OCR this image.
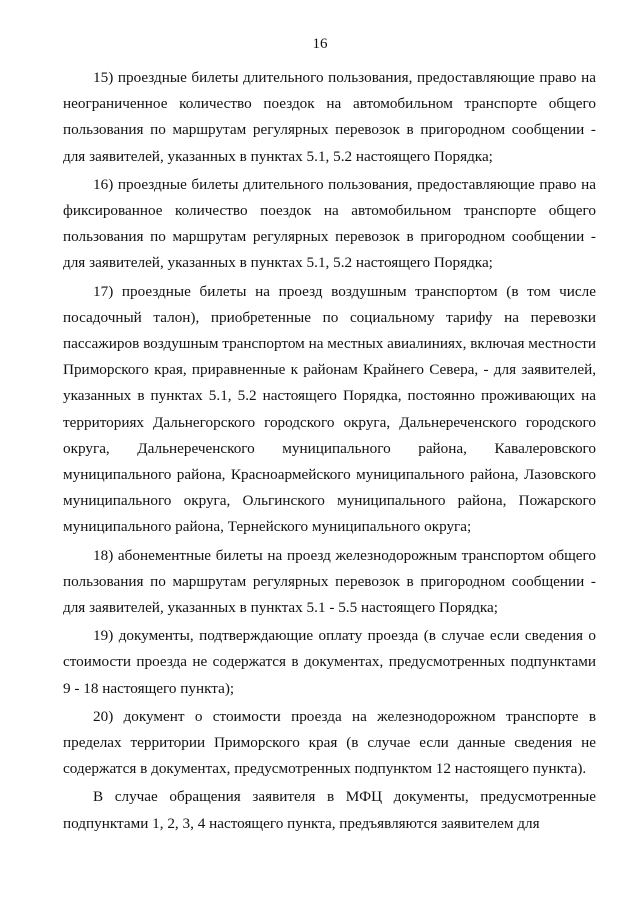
16

15) проездные билеты длительного пользования, предоставляющие право на неограниченное количество поездок на автомобильном транспорте общего пользования по маршрутам регулярных перевозок в пригородном сообщении - для заявителей, указанных в пунктах 5.1, 5.2 настоящего Порядка;

16) проездные билеты длительного пользования, предоставляющие право на фиксированное количество поездок на автомобильном транспорте общего пользования по маршрутам регулярных перевозок в пригородном сообщении - для заявителей, указанных в пунктах 5.1, 5.2 настоящего Порядка;

17) проездные билеты на проезд воздушным транспортом (в том числе посадочный талон), приобретенные по социальному тарифу на перевозки пассажиров воздушным транспортом на местных авиалиниях, включая местности Приморского края, приравненные к районам Крайнего Севера, - для заявителей, указанных в пунктах 5.1, 5.2 настоящего Порядка, постоянно проживающих на территориях Дальнегорского городского округа, Дальнереченского городского округа, Дальнереченского муниципального района, Кавалеровского муниципального района, Красноармейского муниципального района, Лазовского муниципального округа, Ольгинского муниципального района, Пожарского муниципального района, Тернейского муниципального округа;

18) абонементные билеты на проезд железнодорожным транспортом общего пользования по маршрутам регулярных перевозок в пригородном сообщении - для заявителей, указанных в пунктах 5.1 - 5.5 настоящего Порядка;

19) документы, подтверждающие оплату проезда (в случае если сведения о стоимости проезда не содержатся в документах, предусмотренных подпунктами 9 - 18 настоящего пункта);

20) документ о стоимости проезда на железнодорожном транспорте в пределах территории Приморского края (в случае если данные сведения не содержатся в документах, предусмотренных подпунктом 12 настоящего пункта).

В случае обращения заявителя в МФЦ документы, предусмотренные подпунктами 1, 2, 3, 4 настоящего пункта, предъявляются заявителем для
